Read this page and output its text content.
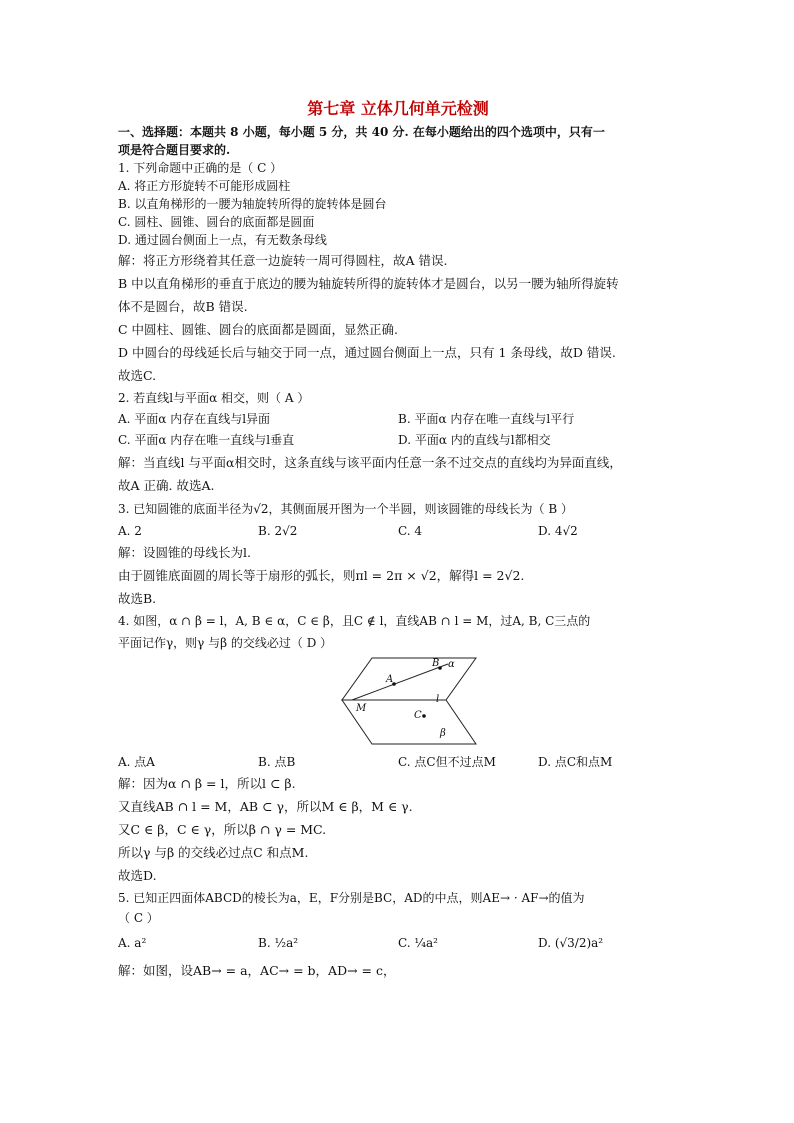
第七章 立体几何单元检测
一、选择题：本题共 8 小题，每小题 5 分，共 40 分. 在每小题给出的四个选项中，只有一
项是符合题目要求的.
1. 下列命题中正确的是（ C ）
A. 将正方形旋转不可能形成圆柱
B. 以直角梯形的一腰为轴旋转所得的旋转体是圆台
C. 圆柱、圆锥、圆台的底面都是圆面
D. 通过圆台侧面上一点，有无数条母线
解：将正方形绕着其任意一边旋转一周可得圆柱，故A 错误.
B 中以直角梯形的垂直于底边的腰为轴旋转所得的旋转体才是圆台，以另一腰为轴所得旋转
体不是圆台，故B 错误.
C 中圆柱、圆锥、圆台的底面都是圆面，显然正确.
D 中圆台的母线延长后与轴交于同一点，通过圆台侧面上一点，只有 1 条母线，故D 错误.
故选C.
2. 若直线l与平面α 相交，则（ A ）
A. 平面α 内存在直线与l异面	B. 平面α 内存在唯一直线与l平行
C. 平面α 内存在唯一直线与l垂直	D. 平面α 内的直线与l都相交
解：当直线l 与平面α相交时，这条直线与该平面内任意一条不过交点的直线均为异面直线，
故A 正确. 故选A.
3. 已知圆锥的底面半径为√2，其侧面展开图为一个半圆，则该圆锥的母线长为（ B ）
A. 2	B. 2√2	C. 4	D. 4√2
解：设圆锥的母线长为l.
由于圆锥底面圆的周长等于扇形的弧长，则πl = 2π × √2，解得l = 2√2.
故选B.
4. 如图，α ∩ β = l，A, B ∈ α，C ∈ β，且C ∉ l，直线AB ∩ l = M，过A, B, C三点的
平面记作γ，则γ 与β 的交线必过（ D ）
A
B
C
M
l
α
β
A. 点A	B. 点B	C. 点C但不过点M	D. 点C和点M
解：因为α ∩ β = l，所以l ⊂ β.
又直线AB ∩ l = M，AB ⊂ γ，所以M ∈ β，M ∈ γ.
又C ∈ β，C ∈ γ，所以β ∩ γ = MC.
所以γ 与β 的交线必过点C 和点M.
故选D.
5. 已知正四面体ABCD的棱长为a，E，F分别是BC，AD的中点，则AE→ · AF→的值为
（ C ）
A. a²	B. ½a²	C. ¼a²	D. (√3/2)a²
解：如图，设AB→ = a，AC→ = b，AD→ = c，
